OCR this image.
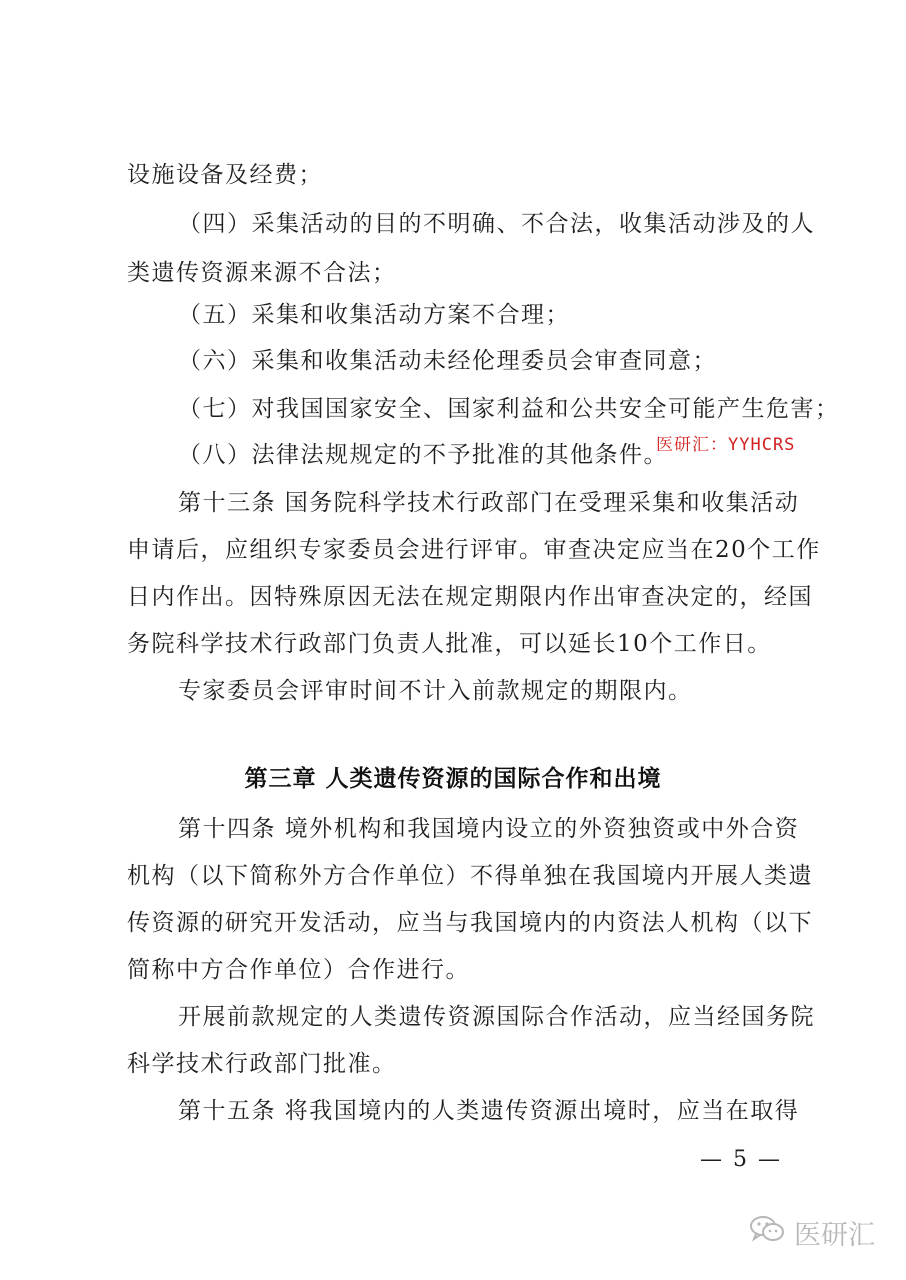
设施设备及经费；
（四）采集活动的目的不明确、不合法，收集活动涉及的人
类遗传资源来源不合法；
（五）采集和收集活动方案不合理；
（六）采集和收集活动未经伦理委员会审查同意；
（七）对我国国家安全、国家利益和公共安全可能产生危害；
（八）法律法规规定的不予批准的其他条件。
第十三条 国务院科学技术行政部门在受理采集和收集活动
申请后，应组织专家委员会进行评审。审查决定应当在20个工作
日内作出。因特殊原因无法在规定期限内作出审查决定的，经国
务院科学技术行政部门负责人批准，可以延长10个工作日。
专家委员会评审时间不计入前款规定的期限内。
第三章 人类遗传资源的国际合作和出境
第十四条 境外机构和我国境内设立的外资独资或中外合资
机构（以下简称外方合作单位）不得单独在我国境内开展人类遗
传资源的研究开发活动，应当与我国境内的内资法人机构（以下
简称中方合作单位）合作进行。
开展前款规定的人类遗传资源国际合作活动，应当经国务院
科学技术行政部门批准。
第十五条 将我国境内的人类遗传资源出境时，应当在取得
医研汇：YYHCRS
— 5 —
医研汇
